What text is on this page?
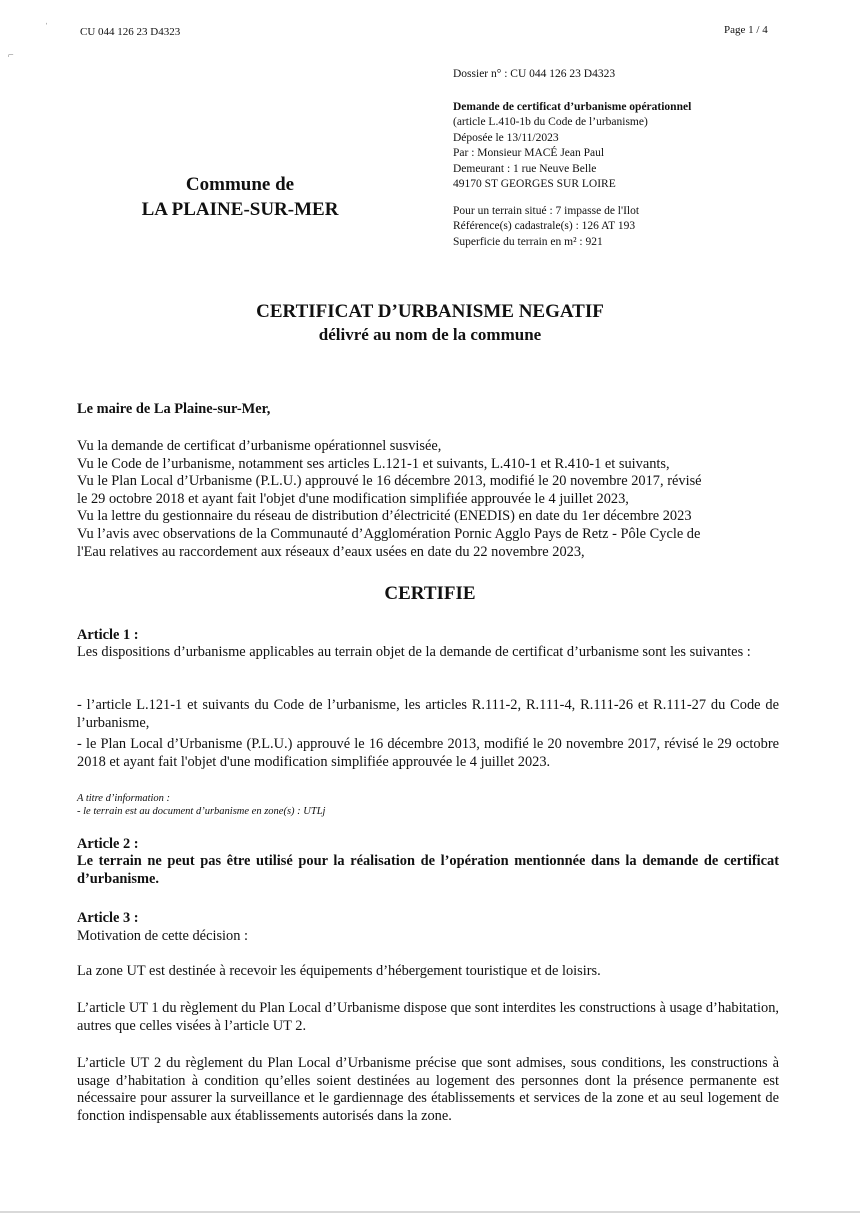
ˈ
⌐
CU 044 126 23 D4323	Page 1 / 4
Dossier n° : CU 044 126 23 D4323
Demande de certificat d’urbanisme opérationnel
(article L.410-1b du Code de l’urbanisme)
Déposée le 13/11/2023
Par : Monsieur MACÉ Jean Paul
Demeurant : 1 rue Neuve Belle
49170 ST GEORGES SUR LOIRE
Pour un terrain situé : 7 impasse de l'Ilot
Référence(s) cadastrale(s) : 126 AT 193
Superficie du terrain en m² : 921
Commune de
LA PLAINE-SUR-MER
CERTIFICAT D’URBANISME NEGATIF
délivré au nom de la commune
Le maire de La Plaine-sur-Mer,
Vu la demande de certificat d’urbanisme opérationnel susvisée,
Vu le Code de l’urbanisme, notamment ses articles L.121-1 et suivants, L.410-1 et R.410-1 et suivants,
Vu le Plan Local d’Urbanisme (P.L.U.) approuvé le 16 décembre 2013, modifié le 20 novembre 2017, révisé
le 29 octobre 2018 et ayant fait l'objet d'une modification simplifiée approuvée le 4 juillet 2023,
Vu la lettre du gestionnaire du réseau de distribution d’électricité (ENEDIS) en date du 1er décembre 2023
Vu l’avis avec observations de la Communauté d’Agglomération Pornic Agglo Pays de Retz - Pôle Cycle de
l'Eau relatives au raccordement aux réseaux d’eaux usées en date du 22 novembre 2023,
CERTIFIE
Article 1 :
Les dispositions d’urbanisme applicables au terrain objet de la demande de certificat d’urbanisme sont les suivantes :
- l’article L.121-1 et suivants du Code de l’urbanisme, les articles R.111-2, R.111-4, R.111-26 et R.111-27 du Code de l’urbanisme,
- le Plan Local d’Urbanisme (P.L.U.) approuvé le 16 décembre 2013, modifié le 20 novembre 2017, révisé le 29 octobre 2018 et ayant fait l'objet d'une modification simplifiée approuvée le 4 juillet 2023.
A titre d’information :
- le terrain est au document d’urbanisme en zone(s) : UTLj
Article 2 :
Le terrain ne peut pas être utilisé pour la réalisation de l’opération mentionnée dans la demande de certificat d’urbanisme.
Article 3 :
Motivation de cette décision :
La zone UT est destinée à recevoir les équipements d’hébergement touristique et de loisirs.
L’article UT 1 du règlement du Plan Local d’Urbanisme dispose que sont interdites les constructions à usage d’habitation, autres que celles visées à l’article UT 2.
L’article UT 2 du règlement du Plan Local d’Urbanisme précise que sont admises, sous conditions, les constructions à usage d’habitation à condition qu’elles soient destinées au logement des personnes dont la présence permanente est nécessaire pour assurer la surveillance et le gardiennage des établissements et services de la zone et au seul logement de fonction indispensable aux établissements autorisés dans la zone.
